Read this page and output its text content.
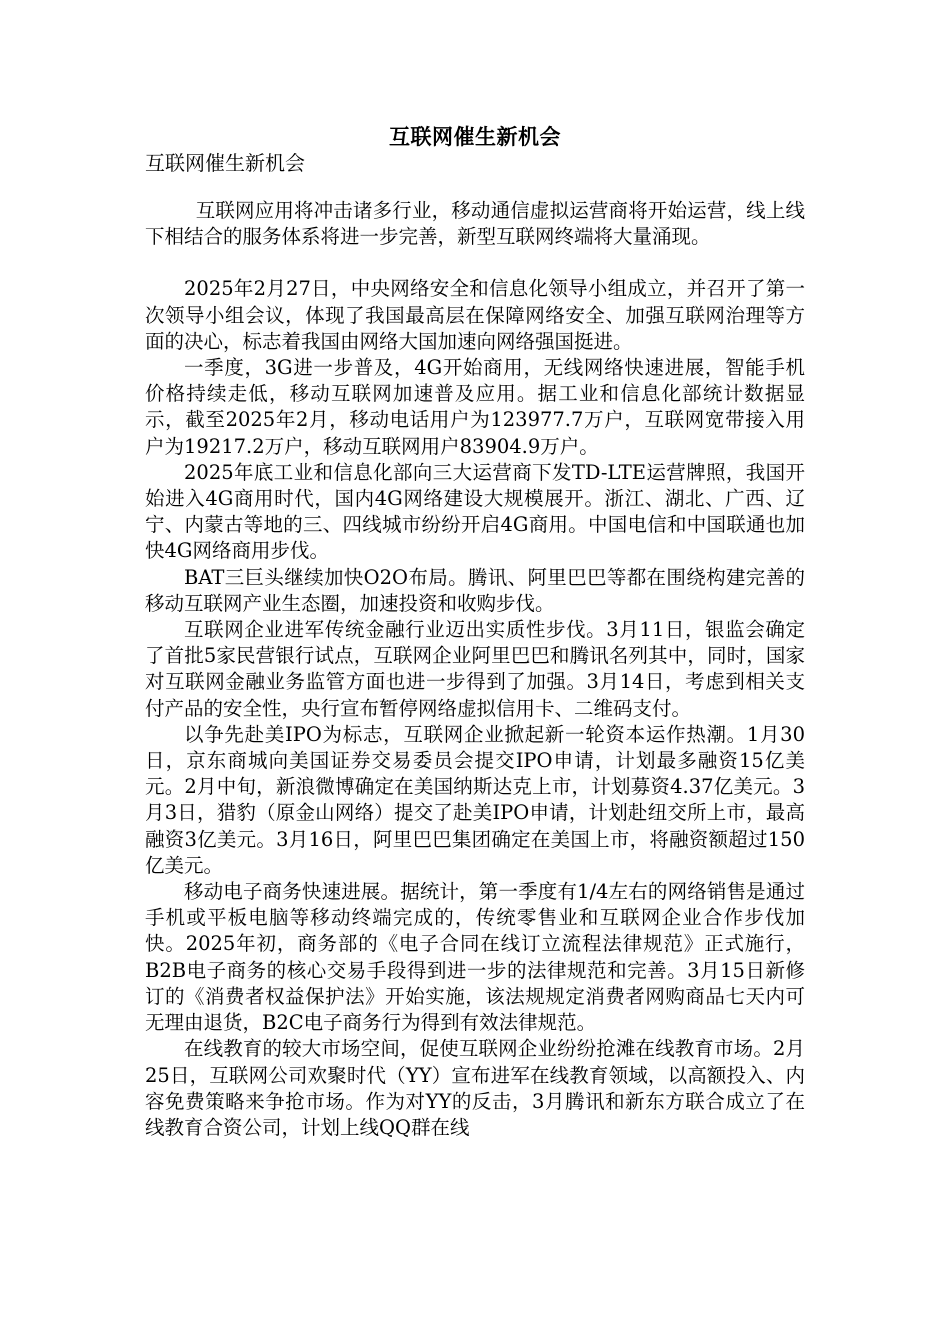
互联网催生新机会
互联网催生新机会

互联网应用将冲击诸多行业，移动通信虚拟运营商将开始运营，线上线下相结合的服务体系将进一步完善，新型互联网终端将大量涌现。

2025年2月27日，中央网络安全和信息化领导小组成立，并召开了第一次领导小组会议，体现了我国最高层在保障网络安全、加强互联网治理等方面的决心，标志着我国由网络大国加速向网络强国挺进。

一季度，3G进一步普及，4G开始商用，无线网络快速进展，智能手机价格持续走低，移动互联网加速普及应用。据工业和信息化部统计数据显示，截至2025年2月，移动电话用户为123977.7万户，互联网宽带接入用户为19217.2万户，移动互联网用户83904.9万户。

2025年底工业和信息化部向三大运营商下发TD-LTE运营牌照，我国开始进入4G商用时代，国内4G网络建设大规模展开。浙江、湖北、广西、辽宁、内蒙古等地的三、四线城市纷纷开启4G商用。中国电信和中国联通也加快4G网络商用步伐。

BAT三巨头继续加快O2O布局。腾讯、阿里巴巴等都在围绕构建完善的移动互联网产业生态圈，加速投资和收购步伐。

互联网企业进军传统金融行业迈出实质性步伐。3月11日，银监会确定了首批5家民营银行试点，互联网企业阿里巴巴和腾讯名列其中，同时，国家对互联网金融业务监管方面也进一步得到了加强。3月14日，考虑到相关支付产品的安全性，央行宣布暂停网络虚拟信用卡、二维码支付。

以争先赴美IPO为标志，互联网企业掀起新一轮资本运作热潮。1月30日，京东商城向美国证券交易委员会提交IPO申请，计划最多融资15亿美元。2月中旬，新浪微博确定在美国纳斯达克上市，计划募资4.37亿美元。3月3日，猎豹（原金山网络）提交了赴美IPO申请，计划赴纽交所上市，最高融资3亿美元。3月16日，阿里巴巴集团确定在美国上市，将融资额超过150亿美元。

移动电子商务快速进展。据统计，第一季度有1/4左右的网络销售是通过手机或平板电脑等移动终端完成的，传统零售业和互联网企业合作步伐加快。2025年初，商务部的《电子合同在线订立流程法律规范》正式施行，B2B电子商务的核心交易手段得到进一步的法律规范和完善。3月15日新修订的《消费者权益保护法》开始实施，该法规规定消费者网购商品七天内可无理由退货，B2C电子商务行为得到有效法律规范。

在线教育的较大市场空间，促使互联网企业纷纷抢滩在线教育市场。2月25日，互联网公司欢聚时代（YY）宣布进军在线教育领域，以高额投入、内容免费策略来争抢市场。作为对YY的反击，3月腾讯和新东方联合成立了在线教育合资公司，计划上线QQ群在线
